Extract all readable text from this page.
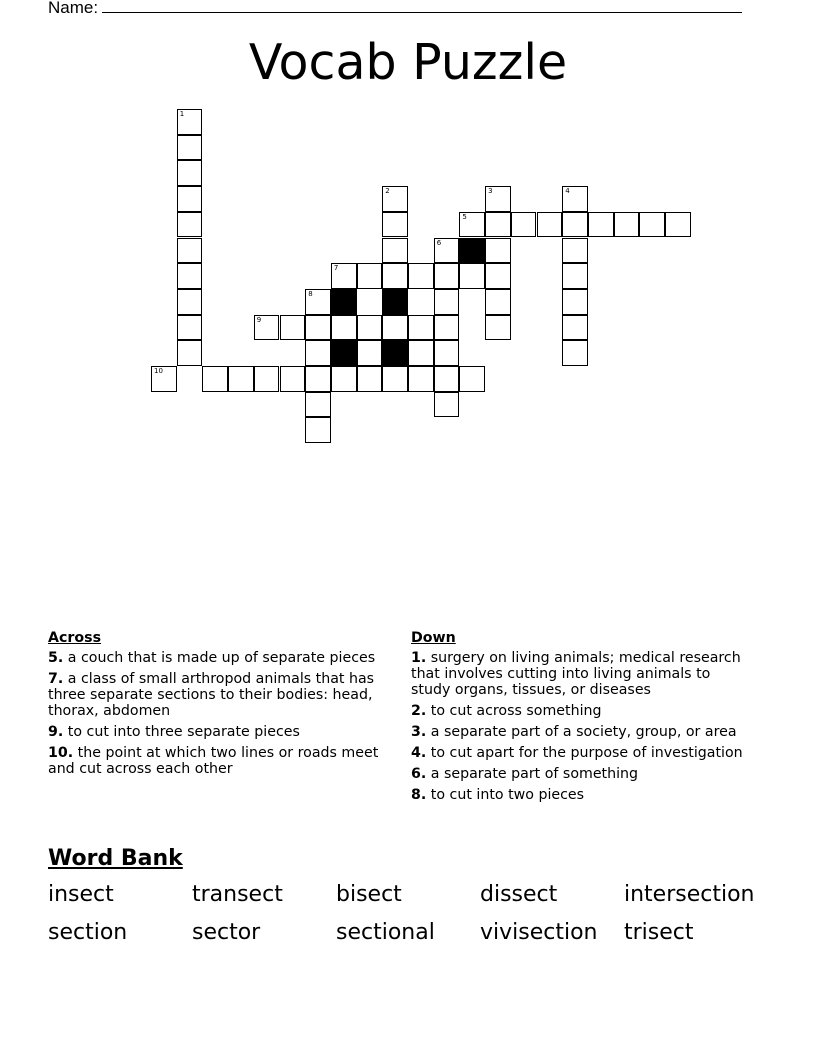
Name:
Vocab Puzzle
1
2	3	4
5
6
7
8
9
10
Across
5. a couch that is made up of separate pieces
7. a class of small arthropod animals that has three separate sections to their bodies: head, thorax, abdomen
9. to cut into three separate pieces
10. the point at which two lines or roads meet and cut across each other
Down
1. surgery on living animals; medical research that involves cutting into living animals to study organs, tissues, or diseases
2. to cut across something
3. a separate part of a society, group, or area
4. to cut apart for the purpose of investigation
6. a separate part of something
8. to cut into two pieces
Word Bank
insect	transect	bisect	dissect	intersection
section	sector	sectional	vivisection	trisect
